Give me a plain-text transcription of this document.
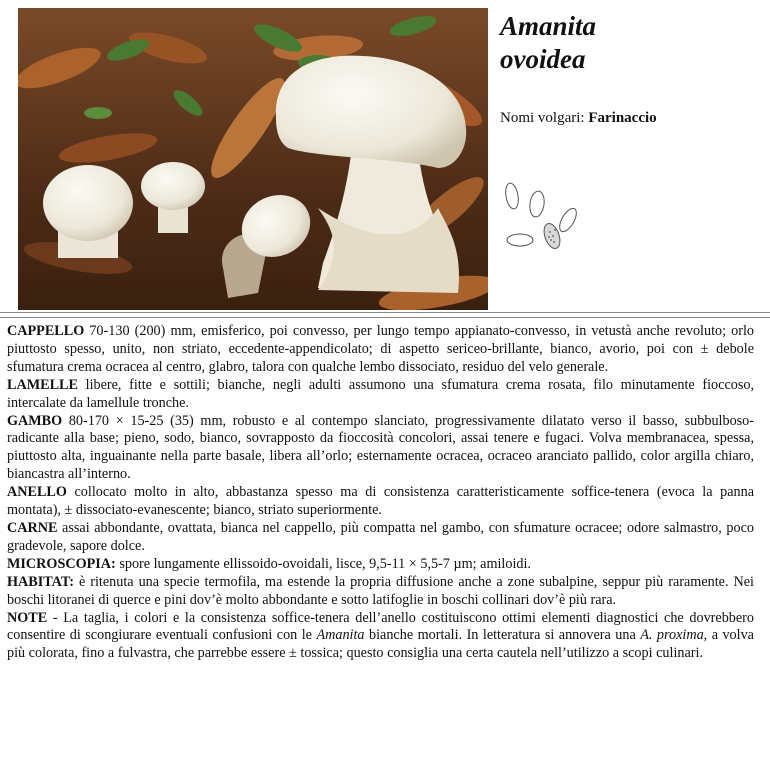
Amanita
ovoidea
Nomi volgari: Farinaccio

CAPPELLO 70-130 (200) mm, emisferico, poi convesso, per lungo tempo appianato-convesso, in vetustà anche revoluto; orlo piuttosto spesso, unito, non striato, eccedente-appendicolato; di aspetto sericeo-brillante, bianco, avorio, poi con ± debole sfumatura crema ocracea al centro, glabro, talora con qualche lembo dissociato, residuo del velo generale.

LAMELLE libere, fitte e sottili; bianche, negli adulti assumono una sfumatura crema rosata, filo minutamente fioccoso, intercalate da lamellule tronche.

GAMBO 80-170 × 15-25 (35) mm, robusto e al contempo slanciato, progressivamente dilatato verso il basso, subbulboso-radicante alla base; pieno, sodo, bianco, sovrapposto da fioccosità concolori, assai tenere e fugaci. Volva membranacea, spessa, piuttosto alta, inguainante nella parte basale, libera all’orlo; esternamente ocracea, ocraceo aranciato pallido, color argilla chiaro, biancastra all’interno.

ANELLO collocato molto in alto, abbastanza spesso ma di consistenza caratteristicamente soffice-tenera (evoca la panna montata), ± dissociato-evanescente; bianco, striato superiormente.

CARNE assai abbondante, ovattata, bianca nel cappello, più compatta nel gambo, con sfumature ocracee; odore salmastro, poco gradevole, sapore dolce.

MICROSCOPIA: spore lungamente ellissoido-ovoidali, lisce, 9,5-11 × 5,5-7 µm; amiloidi.

HABITAT: è ritenuta una specie termofila, ma estende la propria diffusione anche a zone subalpine, seppur più raramente. Nei boschi litoranei di querce e pini dov’è molto abbondante e sotto latifoglie in boschi collinari dov’è più rara.

NOTE - La taglia, i colori e la consistenza soffice-tenera dell’anello costituiscono ottimi elementi diagnostici che dovrebbero consentire di scongiurare eventuali confusioni con le Amanita bianche mortali. In letteratura si annovera una A. proxima, a volva più colorata, fino a fulvastra, che parrebbe essere ± tossica; questo consiglia una certa cautela nell’utilizzo a scopi culinari.
